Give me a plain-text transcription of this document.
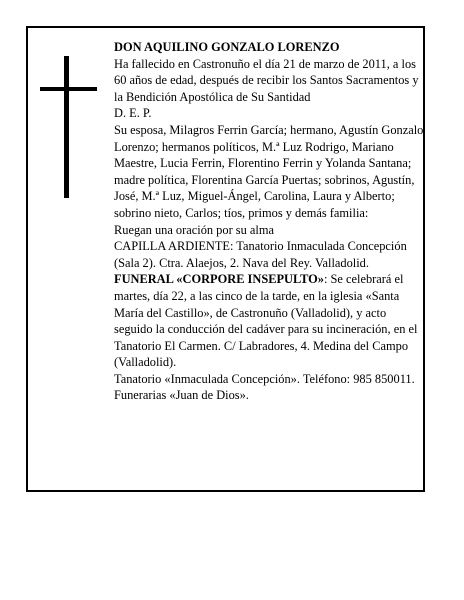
DON AQUILINO GONZALO LORENZO

Ha fallecido en Castronuño el día 21 de marzo de 2011, a los 60 años de edad, después de recibir los Santos Sacramentos y la Bendición Apostólica de Su Santidad

D. E. P.

Su esposa, Milagros Ferrin García; hermano, Agustín Gonzalo Lorenzo; hermanos políticos, M.ª Luz Rodrigo, Mariano Maestre, Lucia Ferrin, Florentino Ferrin y Yolanda Santana; madre política, Florentina García Puertas; sobrinos, Agustín, José, M.ª Luz, Miguel-Ángel, Carolina, Laura y Alberto; sobrino nieto, Carlos; tíos, primos y demás familia:

Ruegan una oración por su alma

CAPILLA ARDIENTE: Tanatorio Inmaculada Concepción (Sala 2). Ctra. Alaejos, 2. Nava del Rey. Valladolid.

FUNERAL «CORPORE INSEPULTO»: Se celebrará el martes, día 22, a las cinco de la tarde, en la iglesia «Santa María del Castillo», de Castronuño (Valladolid), y acto seguido la conducción del cadáver para su incineración, en el Tanatorio El Carmen. C/ Labradores, 4. Medina del Campo (Valladolid).

Tanatorio «Inmaculada Concepción». Teléfono: 985 850011. Funerarias «Juan de Dios».
